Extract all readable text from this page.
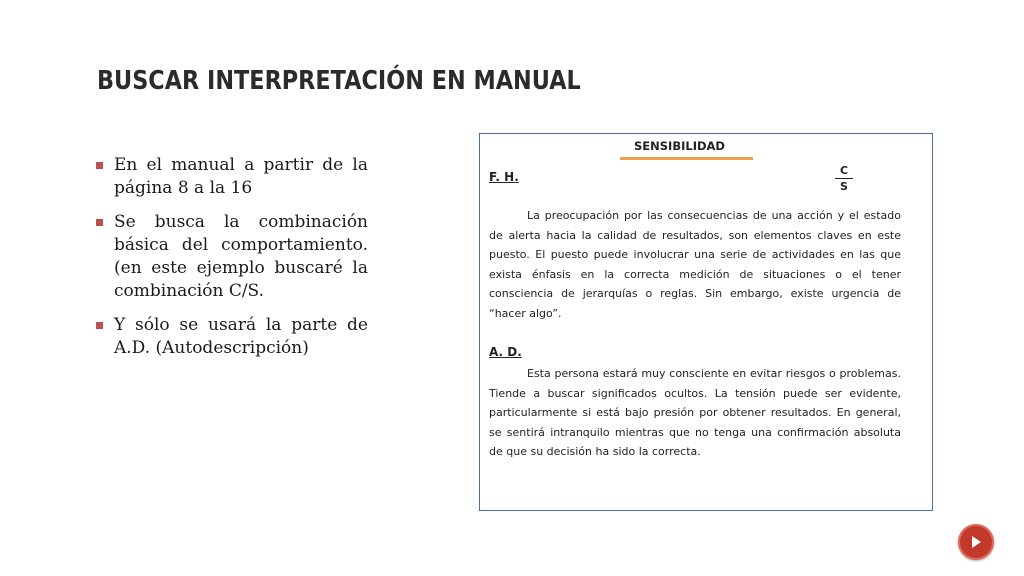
BUSCAR INTERPRETACIÓN EN MANUAL
En el manual a partir de la página 8 a la 16
Se busca la combinación básica del comportamiento. (en este ejemplo buscaré la combinación C/S.
Y sólo se usará la parte de A.D. (Autodescripción)
SENSIBILIDAD
F. H.	$\frac{C}{S}$

La preocupación por las consecuencias de una acción y el estado de alerta hacia la calidad de resultados, son elementos claves en este puesto. El puesto puede involucrar una serie de actividades en las que exista énfasis en la correcta medición de situaciones o el tener consciencia de jerarquías o reglas. Sin embargo, existe urgencia de “hacer algo”.

A. D.

Esta persona estará muy consciente en evitar riesgos o problemas. Tiende a buscar significados ocultos. La tensión puede ser evidente, particularmente si está bajo presión por obtener resultados. En general, se sentirá intranquilo mientras que no tenga una confirmación absoluta de que su decisión ha sido la correcta.
